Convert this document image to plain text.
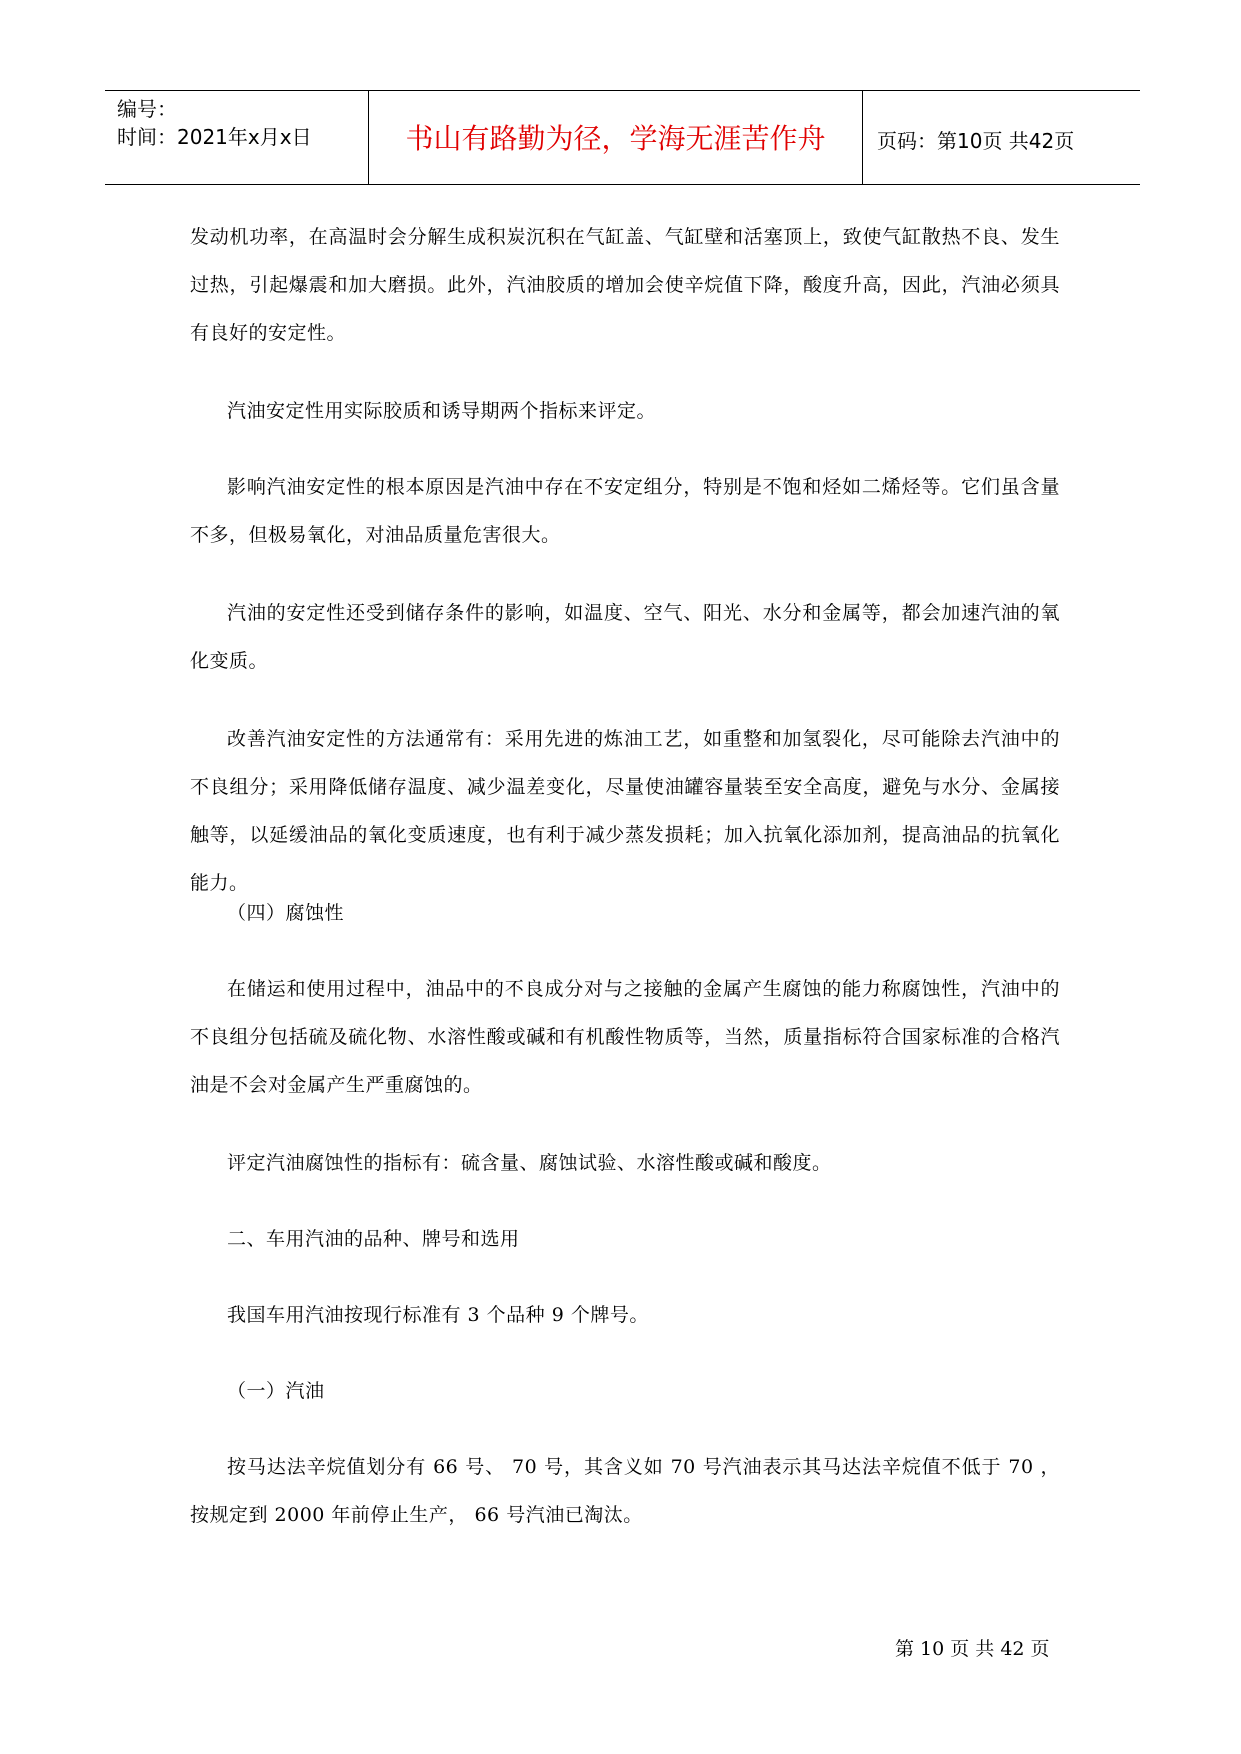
编号：
时间：2021年x月x日	书山有路勤为径，学海无涯苦作舟	页码：第10页 共42页
发动机功率，在高温时会分解生成积炭沉积在气缸盖、气缸壁和活塞顶上，致使气缸散热不良、发生过热，引起爆震和加大磨损。此外，汽油胶质的增加会使辛烷值下降，酸度升高，因此，汽油必须具有良好的安定性。
汽油安定性用实际胶质和诱导期两个指标来评定。
影响汽油安定性的根本原因是汽油中存在不安定组分，特别是不饱和烃如二烯烃等。它们虽含量不多，但极易氧化，对油品质量危害很大。
汽油的安定性还受到储存条件的影响，如温度、空气、阳光、水分和金属等，都会加速汽油的氧化变质。
改善汽油安定性的方法通常有：采用先进的炼油工艺，如重整和加氢裂化，尽可能除去汽油中的不良组分；采用降低储存温度、减少温差变化，尽量使油罐容量装至安全高度，避免与水分、金属接触等，以延缓油品的氧化变质速度，也有利于减少蒸发损耗；加入抗氧化添加剂，提高油品的抗氧化能力。
（四）腐蚀性
在储运和使用过程中，油品中的不良成分对与之接触的金属产生腐蚀的能力称腐蚀性，汽油中的不良组分包括硫及硫化物、水溶性酸或碱和有机酸性物质等，当然，质量指标符合国家标准的合格汽油是不会对金属产生严重腐蚀的。
评定汽油腐蚀性的指标有：硫含量、腐蚀试验、水溶性酸或碱和酸度。
二、车用汽油的品种、牌号和选用
我国车用汽油按现行标准有 3 个品种 9 个牌号。
（一）汽油
按马达法辛烷值划分有 66 号、 70 号，其含义如 70 号汽油表示其马达法辛烷值不低于 70 ，按规定到 2000 年前停止生产， 66 号汽油已淘汰。
第 10 页 共 42 页
